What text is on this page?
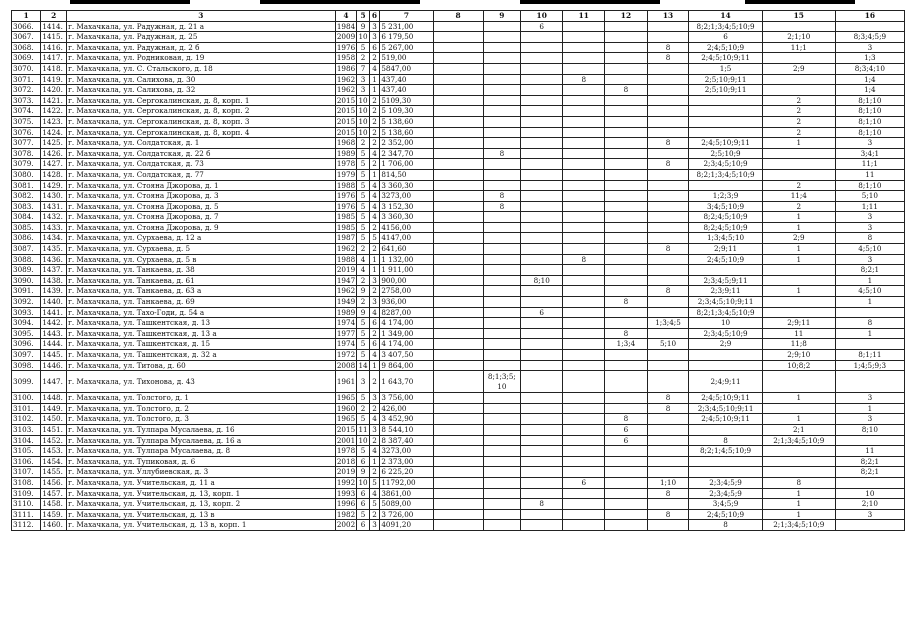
1	2	3	4	5	6	7	8	9	10	11	12	13	14	15	16
3066.	1414.	г. Махачкала, ул. Радужная, д. 21 а	1984	9	3	5 231,00			6				8;2;1;3;4;5;10;9		
3067.	1415.	г. Махачкала, ул. Радужная, д. 25	2009	10	3	6 179,50							6	2;1;10	8;3;4;5;9
3068.	1416.	г. Махачкала, ул. Радужная, д. 2 б	1976	5	6	5 267,00						8	2;4;5;10;9	11;1	3
3069.	1417.	г. Махачкала, ул. Родниковая, д. 19	1958	2	2	519,00						8	2;4;5;10;9;11		1;3
3070.	1418.	г. Махачкала, ул. С. Стальского, д. 18	1986	7	4	5847,00							1;5	2;9	8;3;4;10
3071.	1419.	г. Махачкала, ул. Салихова, д. 30	1962	3	1	437,40				8			2;5;10;9;11		1;4
3072.	1420.	г. Махачкала, ул. Салихова, д. 32	1962	3	1	437,40					8		2;5;10;9;11		1;4
3073.	1421.	г. Махачкала, ул. Сергокалинская, д. 8, корп. 1	2015	10	2	5109,30								2	8;1;10
3074.	1422.	г. Махачкала, ул. Сергокалинская, д. 8, корп. 2	2015	10	2	5 109,30								2	8;1;10
3075.	1423.	г. Махачкала, ул. Сергокалинская, д. 8, корп. 3	2015	10	2	5 138,60								2	8;1;10
3076.	1424.	г. Махачкала, ул. Сергокалинская, д. 8, корп. 4	2015	10	2	5 138,60								2	8;1;10
3077.	1425.	г. Махачкала, ул. Солдатская, д. 1	1968	2	2	2 352,00						8	2;4;5;10;9;11	1	3
3078.	1426.	г. Махачкала, ул. Солдатская, д. 22 б	1989	5	4	2 347,70		8					2;5;10;9		3;4;1
3079.	1427.	г. Махачкала, ул. Солдатская, д. 73	1978	5	2	1 706,00						8	2;3;4;5;10;9		11;1
3080.	1428.	г. Махачкала, ул. Солдатская, д. 77	1979	5	1	814,50							8;2;1;3;4;5;10;9		11
3081.	1429.	г. Махачкала, ул. Стояна Джорова, д. 1	1988	5	4	3 360,30								2	8;1;10
3082.	1430.	г. Махачкала, ул. Стояна Джорова, д. 3	1976	5	4	3273,00		8					1;2;3;9	11;4	5;10
3083.	1431.	г. Махачкала, ул. Стояна Джорова, д. 5	1976	5	4	3 152,30		8					3;4;5;10;9	2	1;11
3084.	1432.	г. Махачкала, ул. Стояна Джорова, д. 7	1985	5	4	3 360,30							8;2;4;5;10;9	1	3
3085.	1433.	г. Махачкала, ул. Стояна Джорова, д. 9	1985	5	2	4156,00							8;2;4;5;10;9	1	3
3086.	1434.	г. Махачкала, ул. Сурхаева, д. 12 а	1987	5	5	4147,00							1;3;4;5;10	2;9	8
3087.	1435.	г. Махачкала, ул. Сурхаева, д. 5	1962	2	2	641,60						8	2;9;11	1	4;5;10
3088.	1436.	г. Махачкала, ул. Сурхаева, д. 5 в	1988	4	1	1 132,00				8			2;4;5;10;9	1	3
3089.	1437.	г. Махачкала, ул. Танкаева, д. 38	2019	4	1	1 911,00									8;2;1
3090.	1438.	г. Махачкала, ул. Танкаева, д. 61	1947	2	3	900,00			8;10				2;3;4;5;9;11		1
3091.	1439.	г. Махачкала, ул. Танкаева, д. 63 а	1962	9	2	2758,00						8	2;3;9;11	1	4;5;10
3092.	1440.	г. Махачкала, ул. Танкаева, д. 69	1949	2	3	936,00					8		2;3;4;5;10;9;11		1
3093.	1441.	г. Махачкала, ул. Тахо-Годи, д. 54 а	1989	9	4	8287,00			6				8;2;1;3;4;5;10;9		
3094.	1442.	г. Махачкала, ул. Ташкентская, д. 13	1974	5	6	4 174,00						1;3;4;5	10	2;9;11	8
3095.	1443.	г. Махачкала, ул. Ташкентская, д. 13 а	1977	5	2	1 349,00					8		2;3;4;5;10;9	11	1
3096.	1444.	г. Махачкала, ул. Ташкентская, д. 15	1974	5	6	4 174,00					1;3;4	5;10	2;9	11;8	
3097.	1445.	г. Махачкала, ул. Ташкентская, д. 32 а	1972	5	4	3 407,50								2;9;10	8;1;11
3098.	1446.	г. Махачкала, ул. Титова, д. 60	2008	14	1	9 864,00								10;8;2	1;4;5;9;3
3099.	1447.	г. Махачкала, ул. Тихонова, д. 43	1961	3	2	1 643,70		8;1;3;5; 10					2;4;9;11		
3100.	1448.	г. Махачкала, ул. Толстого, д. 1	1965	5	3	3 756,00						8	2;4;5;10;9;11	1	3
3101.	1449.	г. Махачкала, ул. Толстого, д. 2	1960	2	2	426,00						8	2;3;4;5;10;9;11		1
3102.	1450.	г. Махачкала, ул. Толстого, д. 3	1965	5	4	3 452,90					8		2;4;5;10;9;11	1	3
3103.	1451.	г. Махачкала, ул. Тулпара Мусалаева, д. 16	2015	11	3	8 544,10					6			2;1	8;10
3104.	1452.	г. Махачкала, ул. Тулпара Мусалаева, д. 16 а	2001	10	2	8 387,40					6		8	2;1;3;4;5;10;9	
3105.	1453.	г. Махачкала, ул. Тулпара Мусалаева, д. 8	1978	5	4	3273,00							8;2;1;4;5;10;9		11
3106.	1454.	г. Махачкала, ул. Тупиковая, д. 6	2018	6	1	2 373,00									8;2;1
3107.	1455.	г. Махачкала, ул. Уллубиевская, д. 3	2019	9	2	6 225,20									8;2;1
3108.	1456.	г. Махачкала, ул. Учительская, д. 11 а	1992	10	5	11792,00				6		1;10	2;3;4;5;9	8	
3109.	1457.	г. Махачкала, ул. Учительская, д. 13, корп. 1	1993	6	4	3861,00						8	2;3;4;5;9	1	10
3110.	1458.	г. Махачкала, ул. Учительская, д. 13, корп. 2	1996	6	5	5089,00			8				3;4;5;9	1	2;10
3111.	1459.	г. Махачкала, ул. Учительская, д. 13 в	1982	5	2	3 726,00						8	2;4;5;10;9	1	3
3112.	1460.	г. Махачкала, ул. Учительская, д. 13 в, корп. 1	2002	6	3	4091,20							8	2;1;3;4;5;10;9	
